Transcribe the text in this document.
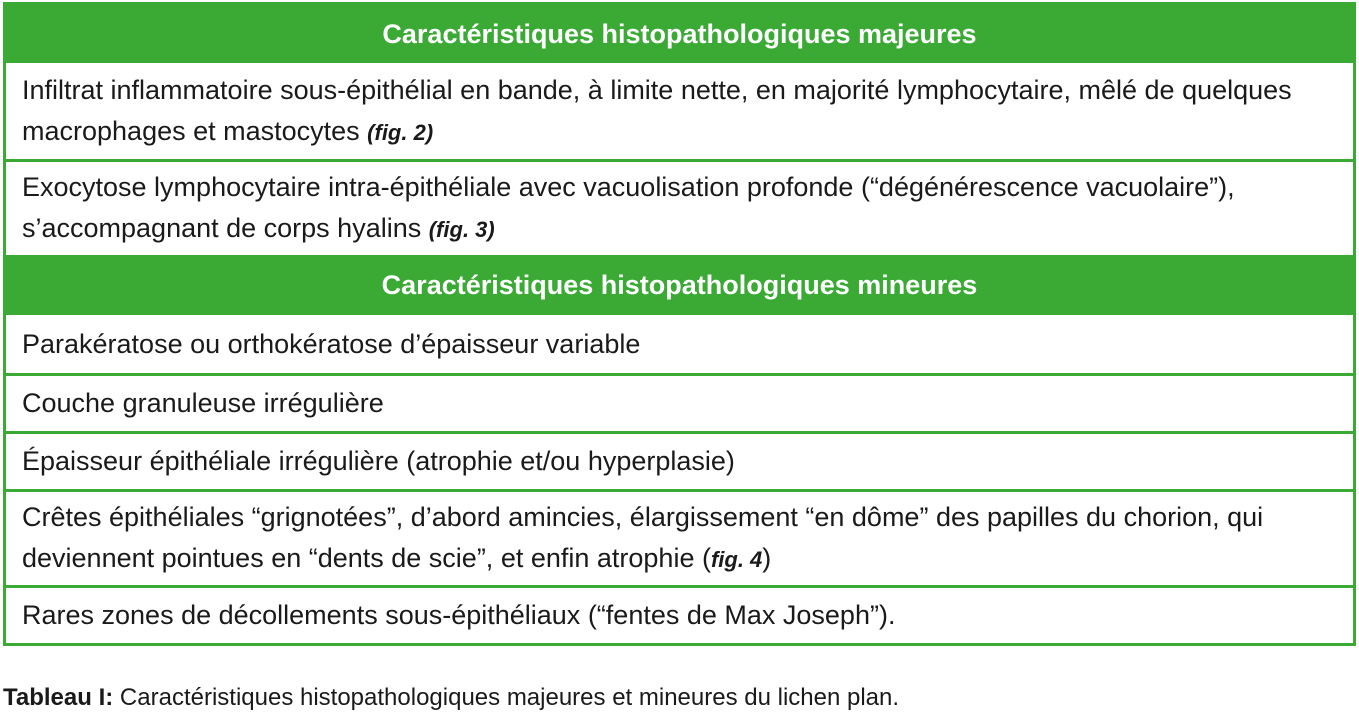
Caractéristiques histopathologiques majeures
Infiltrat inflammatoire sous-épithélial en bande, à limite nette, en majorité lymphocytaire, mêlé de quelques macrophages et mastocytes (fig. 2)
Exocytose lymphocytaire intra-épithéliale avec vacuolisation profonde (“dégénérescence vacuolaire”), s’accompagnant de corps hyalins (fig. 3)
Caractéristiques histopathologiques mineures
Parakératose ou orthokératose d’épaisseur variable
Couche granuleuse irrégulière
Épaisseur épithéliale irrégulière (atrophie et/ou hyperplasie)
Crêtes épithéliales “grignotées”, d’abord amincies, élargissement “en dôme” des papilles du chorion, qui deviennent pointues en “dents de scie”, et enfin atrophie (fig. 4)
Rares zones de décollements sous-épithéliaux (“fentes de Max Joseph”).
Tableau I: Caractéristiques histopathologiques majeures et mineures du lichen plan.
